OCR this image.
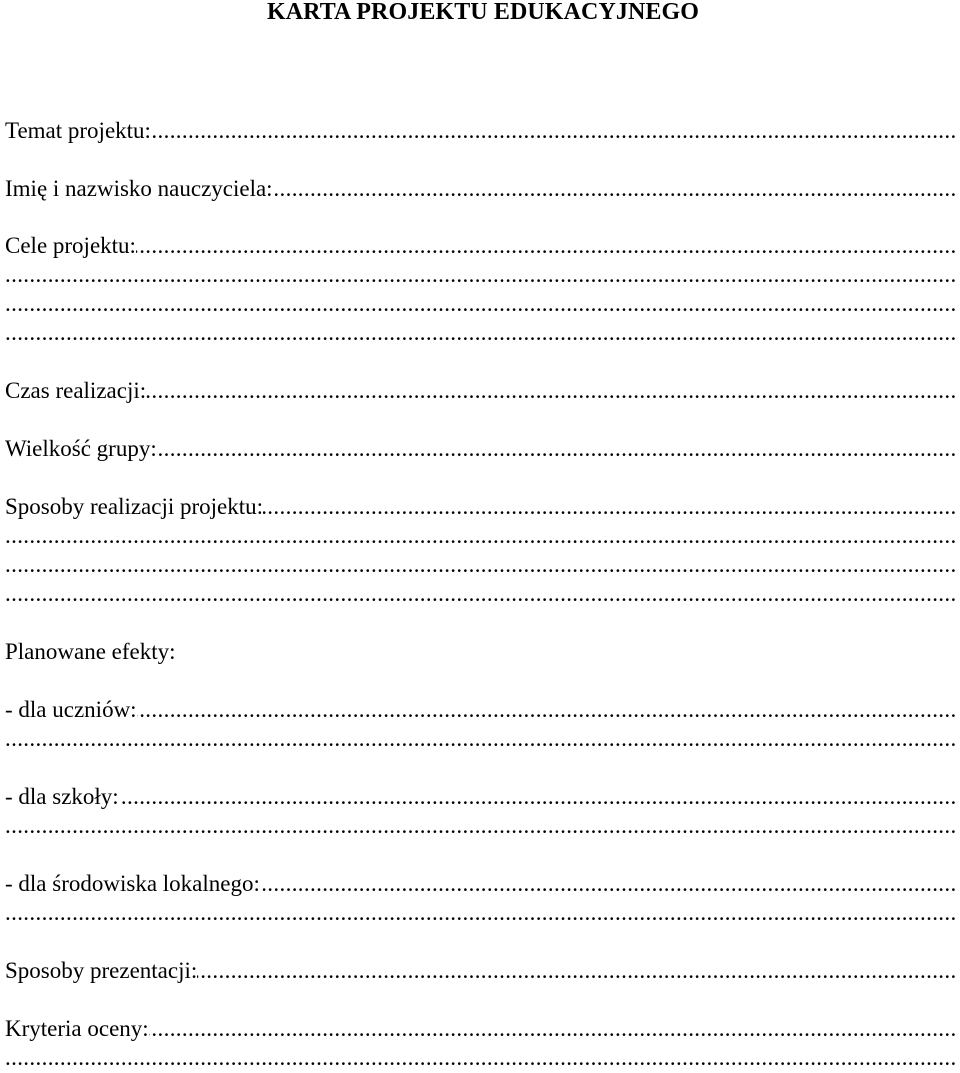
KARTA PROJEKTU EDUKACYJNEGO
Temat projektu: .....
Imię i nazwisko nauczyciela: .....
Cele projektu: .....
.....
.....
.....
Czas realizacji: .....
Wielkość grupy: .....
Sposoby realizacji projektu: .....
.....
.....
.....
Planowane efekty:
- dla uczniów: .....
.....
- dla szkoły: .....
.....
- dla środowiska lokalnego: .....
.....
Sposoby prezentacji: .....
Kryteria oceny: .....
.....
